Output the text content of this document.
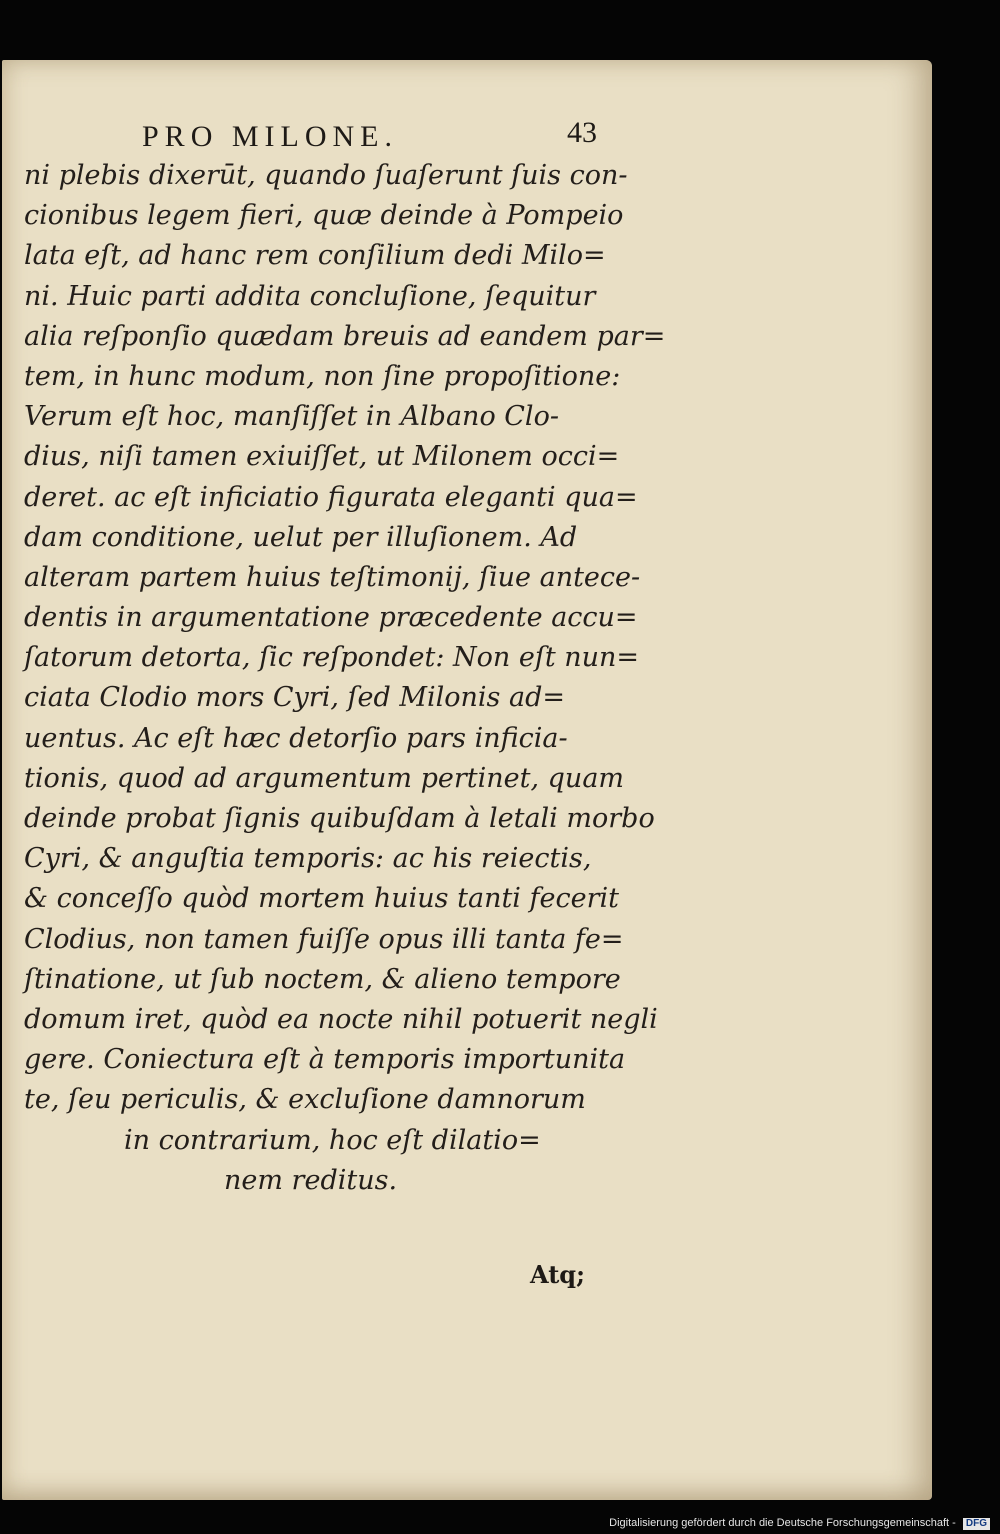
PRO MILONE.	43
ni plebis dixerūt, quando ſuaſerunt ſuis con-
cionibus legem fieri, quæ deinde à Pompeio
lata eſt, ad hanc rem conſilium dedi Milo=
ni. Huic parti addita concluſione, ſequitur
alia reſponſio quædam breuis ad eandem par=
tem, in hunc modum, non ſine propoſitione:
Verum eſt hoc, manſiſſet in Albano Clo-
dius, niſi tamen exiuiſſet, ut Milonem occi=
deret. ac eſt inficiatio figurata eleganti qua=
dam conditione, uelut per illuſionem. Ad
alteram partem huius teſtimonij, ſiue antece-
dentis in argumentatione præcedente accu=
ſatorum detorta, ſic reſpondet: Non eſt nun=
ciata Clodio mors Cyri, ſed Milonis ad=
uentus. Ac eſt hæc detorſio pars inficia-
tionis, quod ad argumentum pertinet, quam
deinde probat ſignis quibuſdam à letali morbo
Cyri, & anguſtia temporis: ac his reiectis,
& conceſſo quòd mortem huius tanti fecerit
Clodius, non tamen fuiſſe opus illi tanta fe=
ſtinatione, ut ſub noctem, & alieno tempore
domum iret, quòd ea nocte nihil potuerit negli
gere. Coniectura eſt à temporis importunita
te, ſeu periculis, & excluſione damnorum
in contrarium, hoc eſt dilatio=
nem reditus.
Atq;
Digitalisierung gefördert durch die Deutsche Forschungsgemeinschaft - DFG
